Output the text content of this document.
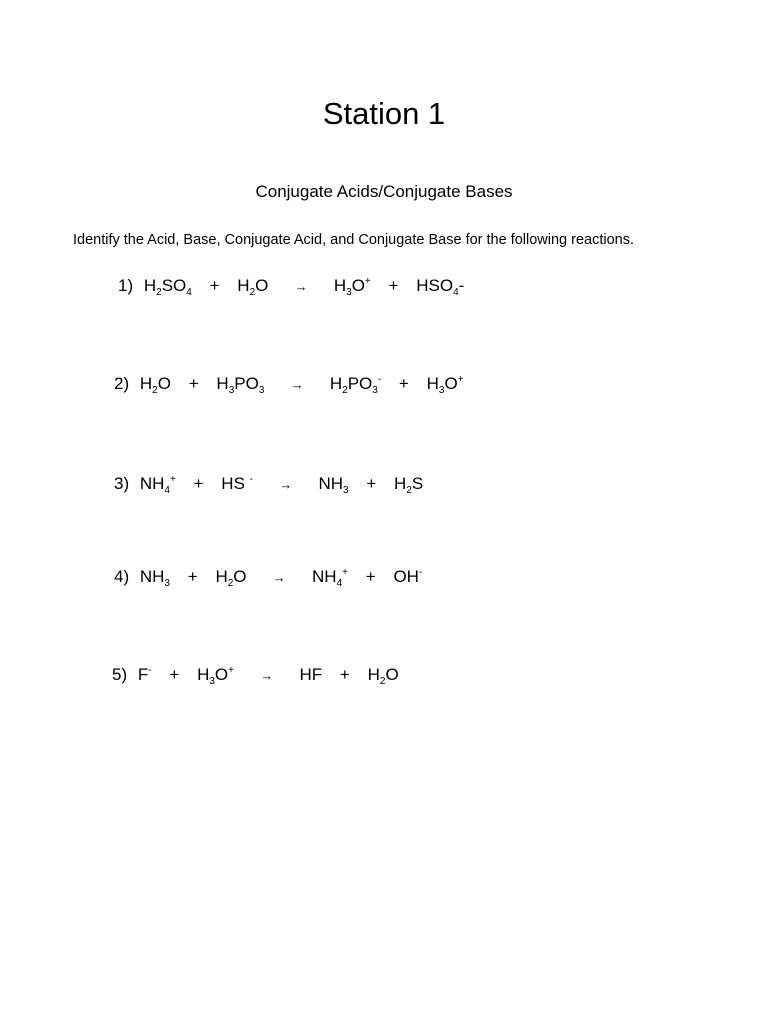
Station 1
Conjugate Acids/Conjugate Bases
Identify the Acid, Base, Conjugate Acid, and Conjugate Base for the following reactions.
1) $H_2SO_4 + H_2O \to H_3O^+ + HSO_4-$
2) $H_2O + H_3PO_3 \to H_2PO_3^- + H_3O^+$
3) $NH_4^+$ + HS $^- \to NH_3 + H_2S$
4) $NH_3 + H_2O \to NH_4^+ + OH^-$
5) $F^- + H_3O^+$ → HF + $H_2O$
